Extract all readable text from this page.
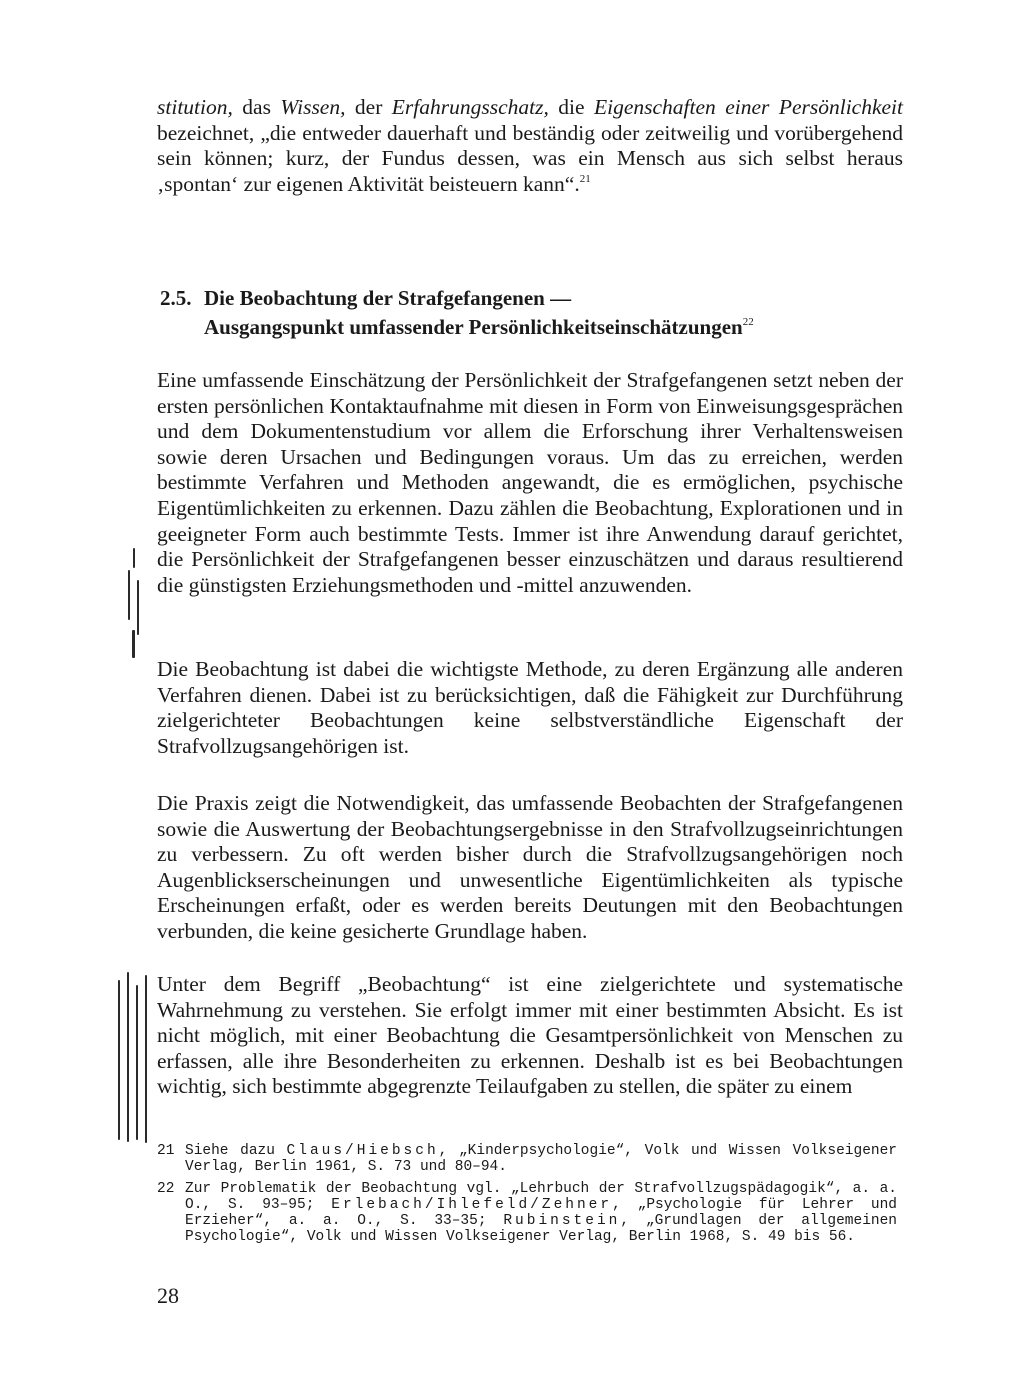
stitution, das Wissen, der Erfahrungsschatz, die Eigenschaften einer Persönlichkeit bezeichnet, „die entweder dauerhaft und beständig oder zeitweilig und vorübergehend sein können; kurz, der Fundus dessen, was ein Mensch aus sich selbst heraus ‚spontan‘ zur eigenen Aktivität beisteuern kann“.$^{21}$

2.5. Die Beobachtung der Strafgefangenen —
Ausgangspunkt umfassender Persönlichkeitseinschätzungen$^{22}$

Eine umfassende Einschätzung der Persönlichkeit der Strafgefangenen setzt neben der ersten persönlichen Kontaktaufnahme mit diesen in Form von Einweisungsgesprächen und dem Dokumentenstudium vor allem die Erforschung ihrer Verhaltensweisen sowie deren Ursachen und Bedingungen voraus. Um das zu erreichen, werden bestimmte Verfahren und Methoden angewandt, die es ermöglichen, psychische Eigentümlichkeiten zu erkennen. Dazu zählen die Beobachtung, Explorationen und in geeigneter Form auch bestimmte Tests. Immer ist ihre Anwendung darauf gerichtet, die Persönlichkeit der Strafgefangenen besser einzuschätzen und daraus resultierend die günstigsten Erziehungsmethoden und -mittel anzuwenden.

Die Beobachtung ist dabei die wichtigste Methode, zu deren Ergänzung alle anderen Verfahren dienen. Dabei ist zu berücksichtigen, daß die Fähigkeit zur Durchführung zielgerichteter Beobachtungen keine selbstverständliche Eigenschaft der Strafvollzugsangehörigen ist.

Die Praxis zeigt die Notwendigkeit, das umfassende Beobachten der Strafgefangenen sowie die Auswertung der Beobachtungsergebnisse in den Strafvollzugseinrichtungen zu verbessern. Zu oft werden bisher durch die Strafvollzugsangehörigen noch Augenblickserscheinungen und unwesentliche Eigentümlichkeiten als typische Erscheinungen erfaßt, oder es werden bereits Deutungen mit den Beobachtungen verbunden, die keine gesicherte Grundlage haben.

Unter dem Begriff „Beobachtung“ ist eine zielgerichtete und systematische Wahrnehmung zu verstehen. Sie erfolgt immer mit einer bestimmten Absicht. Es ist nicht möglich, mit einer Beobachtung die Gesamtpersönlichkeit von Menschen zu erfassen, alle ihre Besonderheiten zu erkennen. Deshalb ist es bei Beobachtungen wichtig, sich bestimmte abgegrenzte Teilaufgaben zu stellen, die später zu einem

21 Siehe dazu Claus/Hiebsch, „Kinderpsychologie“, Volk und Wissen Volkseigener Verlag, Berlin 1961, S. 73 und 80–94.
22 Zur Problematik der Beobachtung vgl. „Lehrbuch der Strafvollzugspädagogik“, a. a. O., S. 93–95; Erlebach/Ihlefeld/Zehner, „Psychologie für Lehrer und Erzieher“, a. a. O., S. 33–35; Rubinstein, „Grundlagen der allgemeinen Psychologie“, Volk und Wissen Volkseigener Verlag, Berlin 1968, S. 49 bis 56.
28
